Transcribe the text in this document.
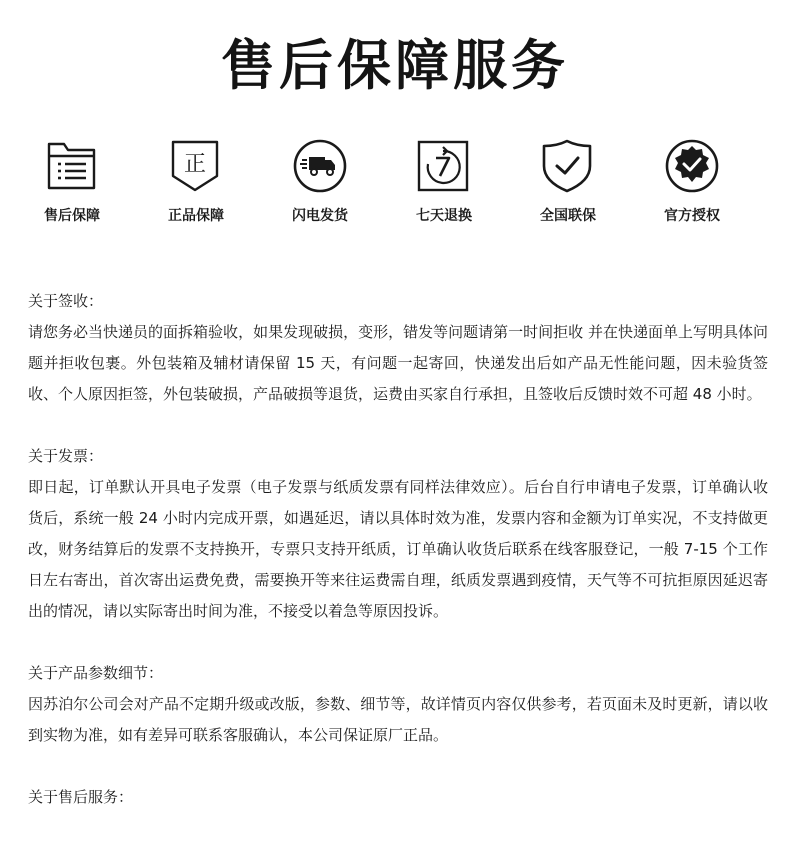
售后保障服务
售后保障
正
正品保障	闪电发货	七天退换	全国联保	官方授权
关于签收：
请您务必当快递员的面拆箱验收，如果发现破损，变形，错发等问题请第一时间拒收 并在快递面单上写明具体问题并拒收包裹。外包装箱及辅材请保留 15 天，有问题一起寄回，快递发出后如产品无性能问题，因未验货签收、个人原因拒签，外包装破损，产品破损等退货，运费由买家自行承担，且签收后反馈时效不可超 48 小时。
关于发票：
即日起，订单默认开具电子发票（电子发票与纸质发票有同样法律效应）。后台自行申请电子发票，订单确认收货后，系统一般 24 小时内完成开票，如遇延迟，请以具体时效为准，发票内容和金额为订单实况，不支持做更改，财务结算后的发票不支持换开，专票只支持开纸质，订单确认收货后联系在线客服登记，一般 7-15 个工作日左右寄出，首次寄出运费免费，需要换开等来往运费需自理，纸质发票遇到疫情，天气等不可抗拒原因延迟寄出的情况，请以实际寄出时间为准，不接受以着急等原因投诉。
关于产品参数细节：
因苏泊尔公司会对产品不定期升级或改版，参数、细节等，故详情页内容仅供参考，若页面未及时更新，请以收到实物为准，如有差异可联系客服确认，本公司保证原厂正品。
关于售后服务：
